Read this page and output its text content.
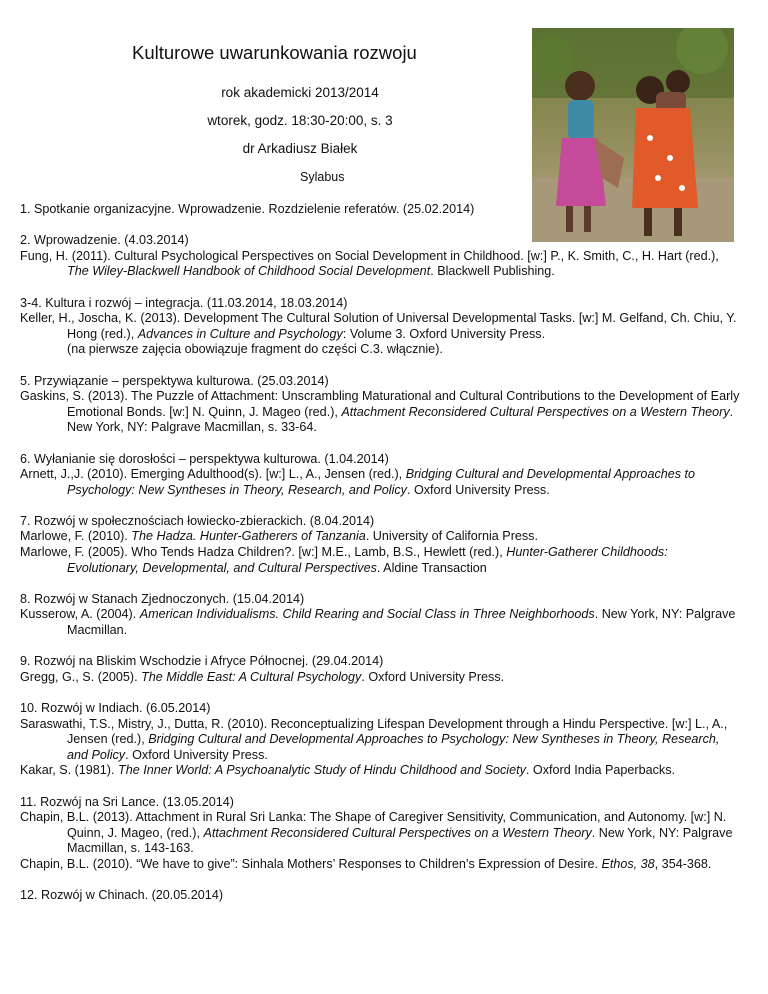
Kulturowe uwarunkowania rozwoju
rok akademicki 2013/2014
wtorek, godz. 18:30-20:00, s. 3
dr Arkadiusz Białek
Sylabus

1. Spotkanie organizacyjne. Wprowadzenie. Rozdzielenie referatów. (25.02.2014)

2. Wprowadzenie. (4.03.2014)

Fung, H. (2011). Cultural Psychological Perspectives on Social Development in Childhood. [w:] P., K. Smith, C., H. Hart (red.), The Wiley-Blackwell Handbook of Childhood Social Development. Blackwell Publishing.

3-4. Kultura i rozwój – integracja. (11.03.2014, 18.03.2014)

Keller, H., Joscha, K. (2013). Development The Cultural Solution of Universal Developmental Tasks. [w:] M. Gelfand, Ch. Chiu, Y. Hong (red.), Advances in Culture and Psychology: Volume 3. Oxford University Press.

(na pierwsze zajęcia obowiązuje fragment do części C.3. włącznie).

5. Przywiązanie – perspektywa kulturowa. (25.03.2014)

Gaskins, S. (2013). The Puzzle of Attachment: Unscrambling Maturational and Cultural Contributions to the Development of Early Emotional Bonds. [w:] N. Quinn, J. Mageo (red.), Attachment Reconsidered Cultural Perspectives on a Western Theory. New York, NY: Palgrave Macmillan, s. 33-64.

6. Wyłanianie się dorosłości – perspektywa kulturowa. (1.04.2014)

Arnett, J.,J. (2010). Emerging Adulthood(s). [w:] L., A., Jensen (red.), Bridging Cultural and Developmental Approaches to Psychology: New Syntheses in Theory, Research, and Policy. Oxford University Press.

7. Rozwój w społecznościach łowiecko-zbierackich. (8.04.2014)

Marlowe, F. (2010). The Hadza. Hunter-Gatherers of Tanzania. University of California Press.

Marlowe, F. (2005). Who Tends Hadza Children?. [w:] M.E., Lamb, B.S., Hewlett (red.), Hunter-Gatherer Childhoods: Evolutionary, Developmental, and Cultural Perspectives. Aldine Transaction

8. Rozwój w Stanach Zjednoczonych. (15.04.2014)

Kusserow, A. (2004). American Individualisms. Child Rearing and Social Class in Three Neighborhoods. New York, NY: Palgrave Macmillan.

9. Rozwój na Bliskim Wschodzie i Afryce Północnej. (29.04.2014)

Gregg, G., S. (2005). The Middle East: A Cultural Psychology. Oxford University Press.

10. Rozwój w Indiach. (6.05.2014)

Saraswathi, T.S., Mistry, J., Dutta, R. (2010). Reconceptualizing Lifespan Development through a Hindu Perspective. [w:] L., A., Jensen (red.), Bridging Cultural and Developmental Approaches to Psychology: New Syntheses in Theory, Research, and Policy. Oxford University Press.

Kakar, S. (1981). The Inner World: A Psychoanalytic Study of Hindu Childhood and Society. Oxford India Paperbacks.

11. Rozwój na Sri Lance. (13.05.2014)

Chapin, B.L. (2013). Attachment in Rural Sri Lanka: The Shape of Caregiver Sensitivity, Communication, and Autonomy. [w:] N. Quinn, J. Mageo, (red.), Attachment Reconsidered Cultural Perspectives on a Western Theory. New York, NY: Palgrave Macmillan, s. 143-163.

Chapin, B.L. (2010). “We have to give”: Sinhala Mothers’ Responses to Children’s Expression of Desire. Ethos, 38, 354-368.

12. Rozwój w Chinach. (20.05.2014)
